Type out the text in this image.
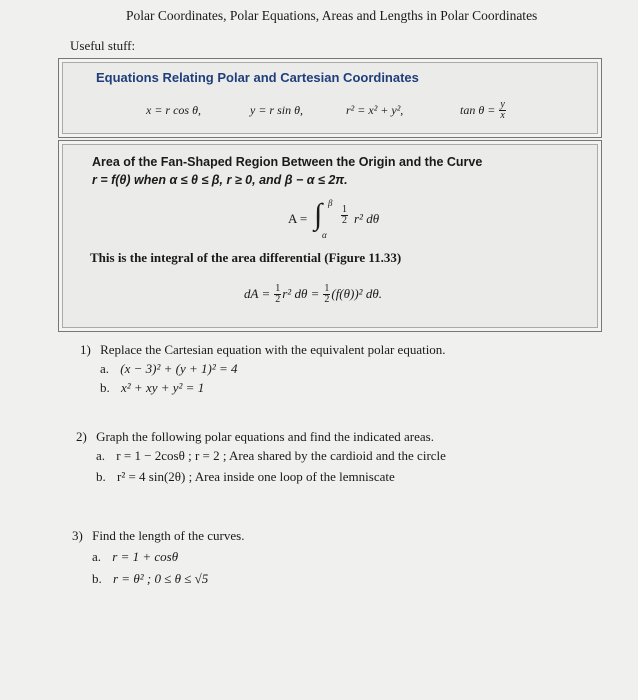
Polar Coordinates, Polar Equations, Areas and Lengths in Polar Coordinates
Useful stuff:
Equations Relating Polar and Cartesian Coordinates
x = r cos θ,	y = r sin θ,	r² = x² + y²,	$\tan \theta = \frac{y}{x}$
Area of the Fan-Shaped Region Between the Origin and the Curve
r = f(θ) when α ≤ θ ≤ β, r ≥ 0, and β − α ≤ 2π.
A = ∫ β
α
$\frac{1}{2} r^2$ dθ
This is the integral of the area differential (Figure 11.33)
dA = $\frac{1}{2} r^2$ $d\theta = \frac{1}{2} (f(\theta))^2$ dθ.
1) Replace the Cartesian equation with the equivalent polar equation.
a. (x − 3)² + (y + 1)² = 4
b. x² + xy + y² = 1
2) Graph the following polar equations and find the indicated areas.
a. r = 1 − 2cosθ ; r = 2 ; Area shared by the cardioid and the circle
b. r² = 4 sin(2θ) ; Area inside one loop of the lemniscate
3) Find the length of the curves.
a. r = 1 + cosθ
b. r = θ² ; 0 ≤ θ ≤ √5
